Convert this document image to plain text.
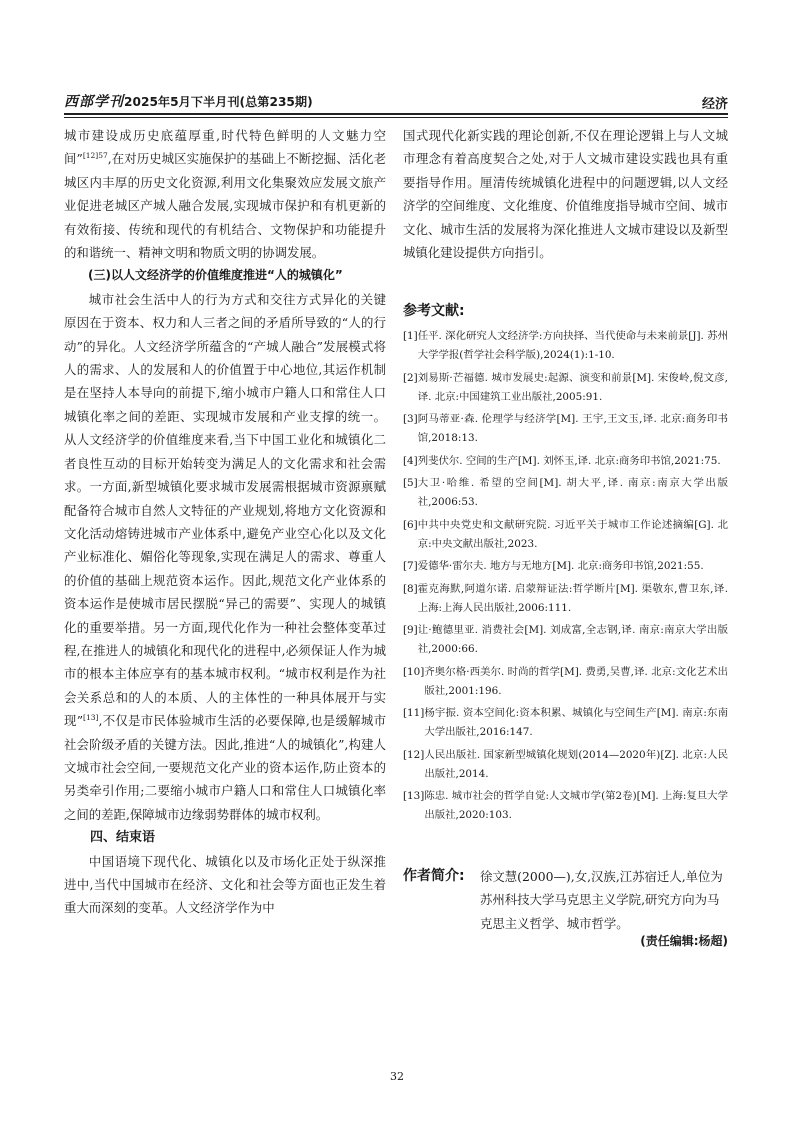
西部学刊 2025年5月下半月刊(总第235期)	经济

城市建设成历史底蕴厚重,时代特色鲜明的人文魅力空间”$^{[12]57}$,在对历史城区实施保护的基础上不断挖掘、活化老城区内丰厚的历史文化资源,利用文化集聚效应发展文旅产业促进老城区产城人融合发展,实现城市保护和有机更新的有效衔接、传统和现代的有机结合、文物保护和功能提升的和谐统一、精神文明和物质文明的协调发展。

(三)以人文经济学的价值维度推进“人的城镇化”

城市社会生活中人的行为方式和交往方式异化的关键原因在于资本、权力和人三者之间的矛盾所导致的“人的行动”的异化。人文经济学所蕴含的“产城人融合”发展模式将人的需求、人的发展和人的价值置于中心地位,其运作机制是在坚持人本导向的前提下,缩小城市户籍人口和常住人口城镇化率之间的差距、实现城市发展和产业支撑的统一。从人文经济学的价值维度来看,当下中国工业化和城镇化二者良性互动的目标开始转变为满足人的文化需求和社会需求。一方面,新型城镇化要求城市发展需根据城市资源禀赋配备符合城市自然人文特征的产业规划,将地方文化资源和文化活动熔铸进城市产业体系中,避免产业空心化以及文化产业标准化、媚俗化等现象,实现在满足人的需求、尊重人的价值的基础上规范资本运作。因此,规范文化产业体系的资本运作是使城市居民摆脱“异己的需要”、实现人的城镇化的重要举措。另一方面,现代化作为一种社会整体变革过程,在推进人的城镇化和现代化的进程中,必须保证人作为城市的根本主体应享有的基本城市权利。“城市权利是作为社会关系总和的人的本质、人的主体性的一种具体展开与实现”[13],不仅是市民体验城市生活的必要保障,也是缓解城市社会阶级矛盾的关键方法。因此,推进“人的城镇化”,构建人文城市社会空间,一要规范文化产业的资本运作,防止资本的另类牵引作用;二要缩小城市户籍人口和常住人口城镇化率之间的差距,保障城市边缘弱势群体的城市权利。

四、结束语

中国语境下现代化、城镇化以及市场化正处于纵深推进中,当代中国城市在经济、文化和社会等方面也正发生着重大而深刻的变革。人文经济学作为中

国式现代化新实践的理论创新,不仅在理论逻辑上与人文城市理念有着高度契合之处,对于人文城市建设实践也具有重要指导作用。厘清传统城镇化进程中的问题逻辑,以人文经济学的空间维度、文化维度、价值维度指导城市空间、城市文化、城市生活的发展将为深化推进人文城市建设以及新型城镇化建设提供方向指引。

参考文献:
[1] 任平. 深化研究人文经济学:方向抉择、当代使命与未来前景[J]. 苏州大学学报(哲学社会科学版),2024(1):1-10.
[2] 刘易斯·芒福德. 城市发展史:起源、演变和前景[M]. 宋俊岭,倪文彦,译. 北京:中国建筑工业出版社,2005:91.
[3] 阿马蒂亚·森. 伦理学与经济学[M]. 王宇,王文玉,译. 北京:商务印书馆,2018:13.
[4] 列斐伏尔. 空间的生产[M]. 刘怀玉,译. 北京:商务印书馆,2021:75.
[5] 大卫·哈维. 希望的空间[M]. 胡大平,译. 南京:南京大学出版社,2006:53.
[6] 中共中央党史和文献研究院. 习近平关于城市工作论述摘编[G]. 北京:中央文献出版社,2023.
[7] 爱德华·雷尔夫. 地方与无地方[M]. 北京:商务印书馆,2021:55.
[8] 霍克海默,阿道尔诺. 启蒙辩证法:哲学断片[M]. 渠敬东,曹卫东,译. 上海:上海人民出版社,2006:111.
[9] 让·鲍德里亚. 消费社会[M]. 刘成富,全志钢,译. 南京:南京大学出版社,2000:66.
[10] 齐奥尔格·西美尔. 时尚的哲学[M]. 费勇,吴曹,译. 北京:文化艺术出版社,2001:196.
[11] 杨宇振. 资本空间化:资本积累、城镇化与空间生产[M]. 南京:东南大学出版社,2016:147.
[12] 人民出版社. 国家新型城镇化规划(2014—2020年)[Z]. 北京:人民出版社,2014.
[13] 陈忠. 城市社会的哲学自觉:人文城市学(第2卷)[M]. 上海:复旦大学出版社,2020:103.
作者简介: 徐文慧(2000—),女,汉族,江苏宿迁人,单位为苏州科技大学马克思主义学院,研究方向为马克思主义哲学、城市哲学。
(责任编辑:杨超)
32
